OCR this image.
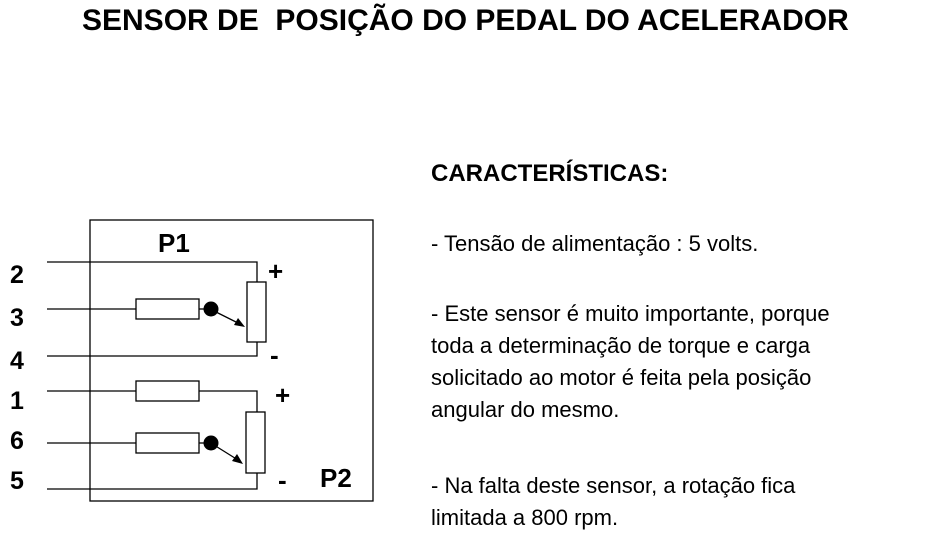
SENSOR DE  POSIÇÃO DO PEDAL DO ACELERADOR
P1
P2
2
3
4
1
6
5
+
-
+
-
CARACTERÍSTICAS:

- Tensão de alimentação : 5 volts.

- Este sensor é muito importante, porque

toda a determinação de torque e carga

solicitado ao motor é feita pela posição

angular do mesmo.

- Na falta deste sensor, a rotação fica

limitada a 800 rpm.
